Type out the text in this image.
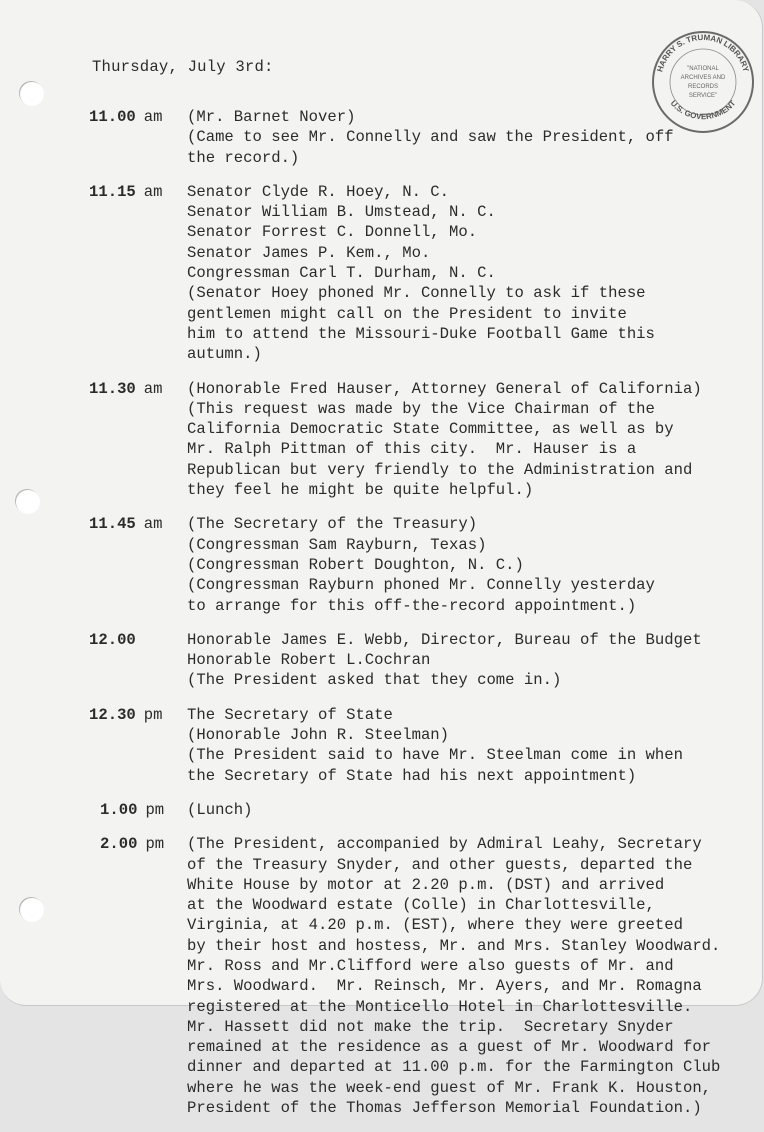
Thursday, July 3rd:	HARRY S. TRUMAN LIBRARY
U.S. GOVERNMENT
"NATIONAL
ARCHIVES AND
RECORDS
SERVICE"
11.00 am	(Mr. Barnet Nover)
(Came to see Mr. Connelly and saw the President, off
the record.)
11.15 am	Senator Clyde R. Hoey, N. C.
Senator William B. Umstead, N. C.
Senator Forrest C. Donnell, Mo.
Senator James P. Kem., Mo.
Congressman Carl T. Durham, N. C.
(Senator Hoey phoned Mr. Connelly to ask if these
gentlemen might call on the President to invite
him to attend the Missouri-Duke Football Game this
autumn.)
11.30 am	(Honorable Fred Hauser, Attorney General of California)
(This request was made by the Vice Chairman of the
California Democratic State Committee, as well as by
Mr. Ralph Pittman of this city.  Mr. Hauser is a
Republican but very friendly to the Administration and
they feel he might be quite helpful.)
11.45 am	(The Secretary of the Treasury)
(Congressman Sam Rayburn, Texas)
(Congressman Robert Doughton, N. C.)
(Congressman Rayburn phoned Mr. Connelly yesterday
to arrange for this off-the-record appointment.)
12.00	Honorable James E. Webb, Director, Bureau of the Budget
Honorable Robert L.Cochran
(The President asked that they come in.)
12.30 pm	The Secretary of State
(Honorable John R. Steelman)
(The President said to have Mr. Steelman come in when
the Secretary of State had his next appointment)
1.00 pm	(Lunch)
2.00 pm	(The President, accompanied by Admiral Leahy, Secretary
of the Treasury Snyder, and other guests, departed the
White House by motor at 2.20 p.m. (DST) and arrived
at the Woodward estate (Colle) in Charlottesville,
Virginia, at 4.20 p.m. (EST), where they were greeted
by their host and hostess, Mr. and Mrs. Stanley Woodward.
Mr. Ross and Mr.Clifford were also guests of Mr. and
Mrs. Woodward.  Mr. Reinsch, Mr. Ayers, and Mr. Romagna
registered at the Monticello Hotel in Charlottesville.
Mr. Hassett did not make the trip.  Secretary Snyder
remained at the residence as a guest of Mr. Woodward for
dinner and departed at 11.00 p.m. for the Farmington Club
where he was the week-end guest of Mr. Frank K. Houston,
President of the Thomas Jefferson Memorial Foundation.)
